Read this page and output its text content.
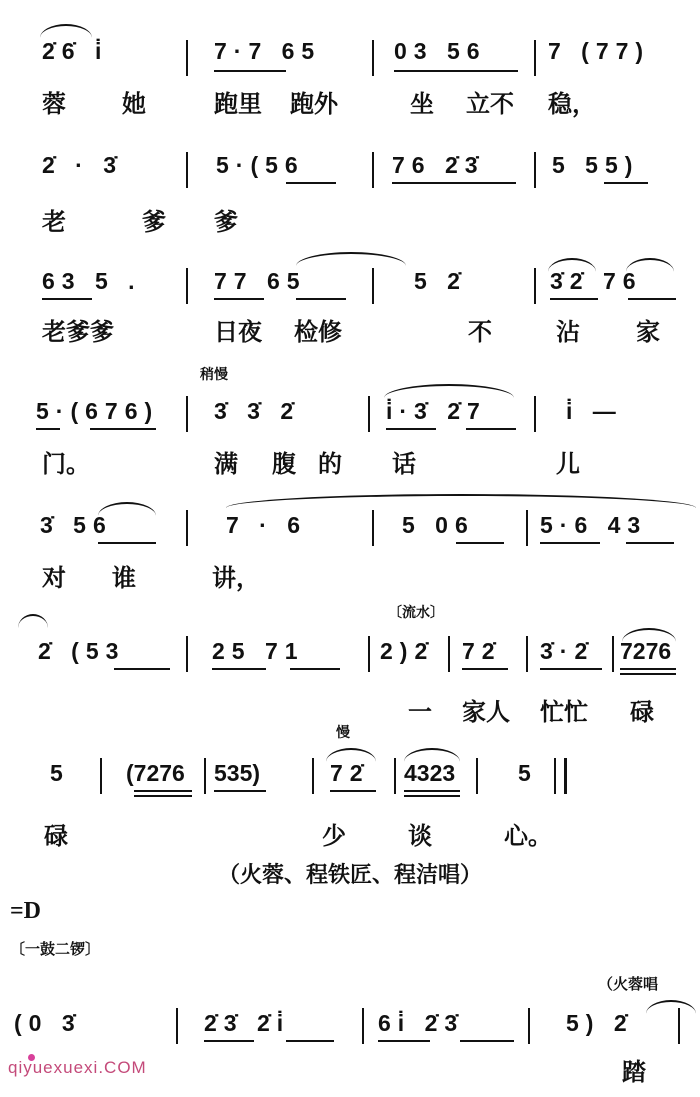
2̇6̇ i̇	7·7 65	03 56	7 (77)
蓉 她	跑里 跑外	坐 立不 稳，
2̇ · 3̇	5·(56	76 2̇3̇	5 55)
老	爹 爹
63 5 .	77 65	5 2̇	3̇2̇ 76
老爹爹	日夜 检修	不	沾 家
稍慢
5·(676) 3̇ 3̇ 2̇	i̇·3̇ 2̇7	i̇ —
门。	满 腹 的 话	儿
3̇ 56	7 · 6	5 06	5·6 43
对 谁	讲，
〔流水〕
2̇ (53	25 71	2)2̇ 72̇ 3̇·2̇ 7276
一 家人 忙忙 碌
慢
5 (7276 535)	72̇ 4323	5
碌	少	谈	心。
（火蓉、程铁匠、程洁唱）
=D
〔一鼓二锣〕
（火蓉唱
(0 3̇	2̇3̇ 2̇i̇	6i̇ 2̇3̇	5) 2̇
踏
qiyuexuexi.COM
